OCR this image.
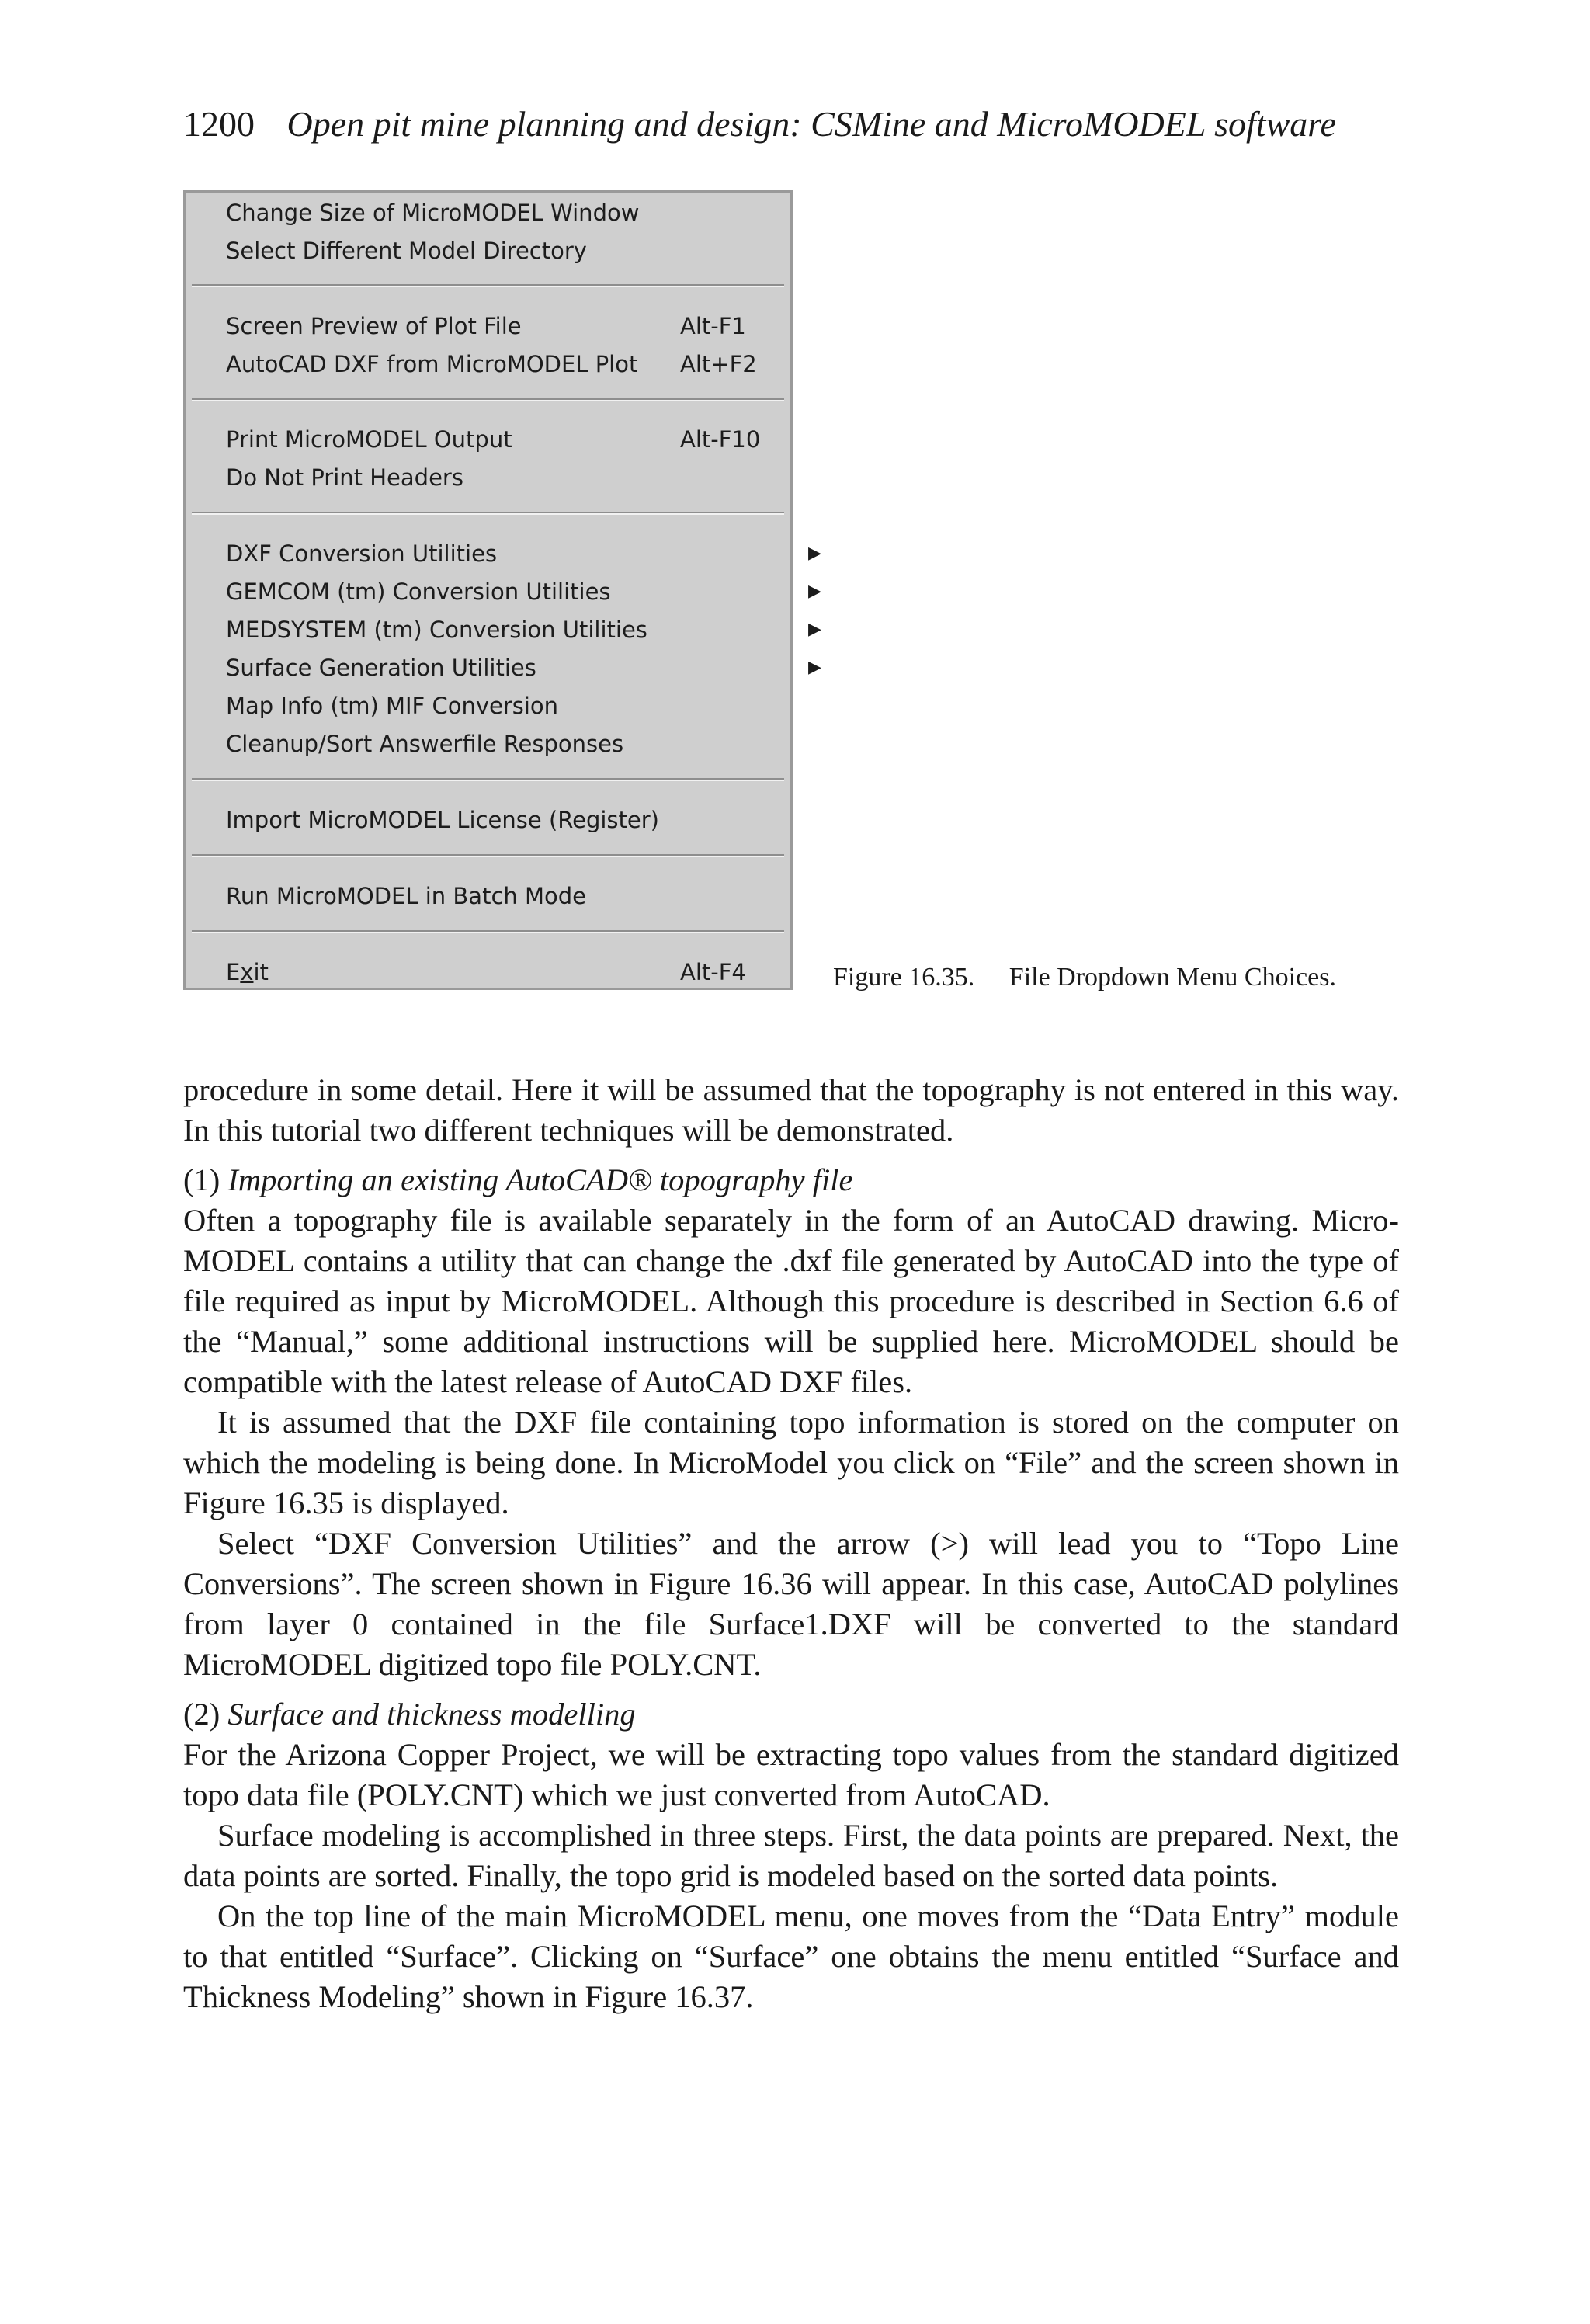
1200 Open pit mine planning and design: CSMine and MicroMODEL software
Change Size of MicroMODEL Window
Select Different Model Directory
Screen Preview of Plot File	Alt-F1
AutoCAD DXF from MicroMODEL Plot Alt+F2
Print MicroMODEL Output	Alt-F10
Do Not Print Headers
DXF Conversion Utilities	▶
GEMCOM (tm) Conversion Utilities	▶
MEDSYSTEM (tm) Conversion Utilities	▶
Surface Generation Utilities	▶
Map Info (tm) MIF Conversion
Cleanup/Sort Answerfile Responses
Import MicroMODEL License (Register)
Run MicroMODEL in Batch Mode
Exit	Alt-F4	Figure 16.35. File Dropdown Menu Choices.

procedure in some detail. Here it will be assumed that the topography is not entered in this way. In this tutorial two different techniques will be demonstrated.

(1) Importing an existing AutoCAD® topography file

Often a topography file is available separately in the form of an AutoCAD drawing. Micro-MODEL contains a utility that can change the .dxf file generated by AutoCAD into the type of file required as input by MicroMODEL. Although this procedure is described in Section 6.6 of the “Manual,” some additional instructions will be supplied here. MicroMODEL should be compatible with the latest release of AutoCAD DXF files.

It is assumed that the DXF file containing topo information is stored on the computer on which the modeling is being done. In MicroModel you click on “File” and the screen shown in Figure 16.35 is displayed.

Select “DXF Conversion Utilities” and the arrow (>) will lead you to “Topo Line Conversions”. The screen shown in Figure 16.36 will appear. In this case, AutoCAD polylines from layer 0 contained in the file Surface1.DXF will be converted to the standard MicroMODEL digitized topo file POLY.CNT.

(2) Surface and thickness modelling

For the Arizona Copper Project, we will be extracting topo values from the standard digitized topo data file (POLY.CNT) which we just converted from AutoCAD.

Surface modeling is accomplished in three steps. First, the data points are prepared. Next, the data points are sorted. Finally, the topo grid is modeled based on the sorted data points.

On the top line of the main MicroMODEL menu, one moves from the “Data Entry” module to that entitled “Surface”. Clicking on “Surface” one obtains the menu entitled “Surface and Thickness Modeling” shown in Figure 16.37.
